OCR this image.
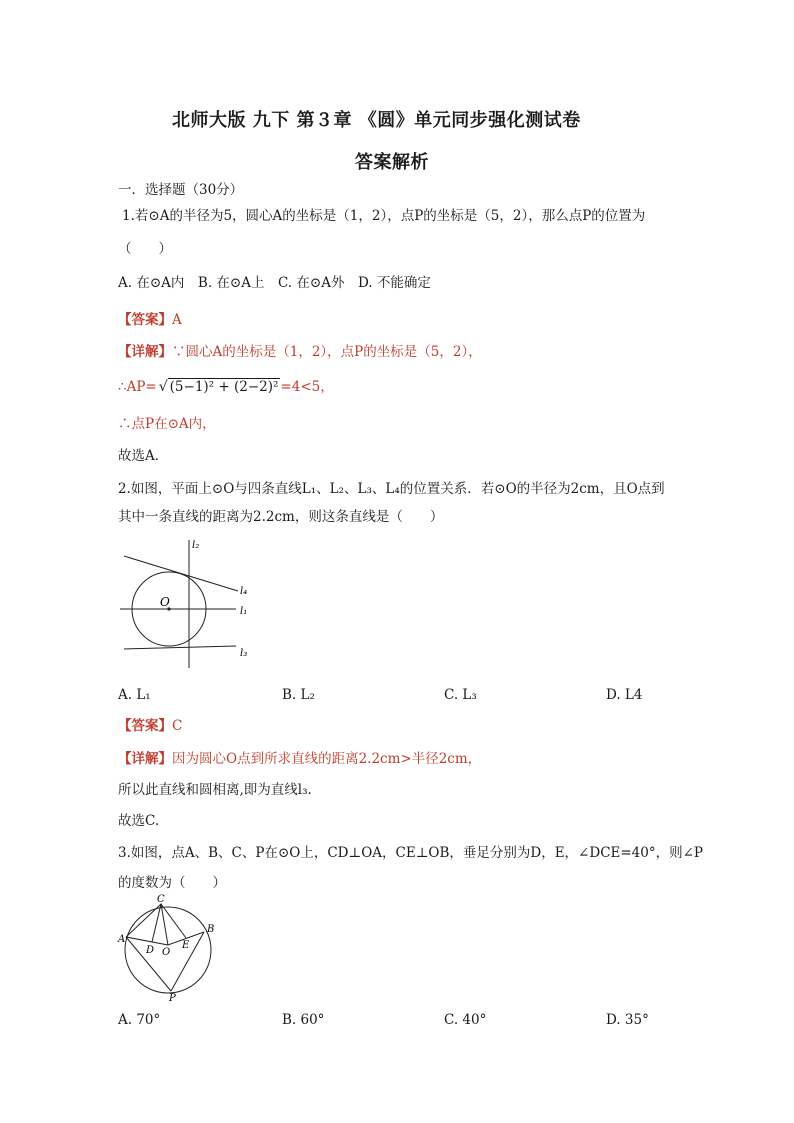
北师大版 九下 第３章 《圆》单元同步强化测试卷
答案解析
一．选择题（30分）
1.若⊙A的半径为5，圆心A的坐标是（1，2），点P的坐标是（5，2），那么点P的位置为
（　　）
A. 在⊙A内　B. 在⊙A上　C. 在⊙A外　D. 不能确定
【答案】A
【详解】∵圆心A的坐标是（1，2），点P的坐标是（5，2），
∴AP= √ (5−1)² + (2−2)² =4<5，
∴点P在⊙A内，
故选A．
2.如图，平面上⊙O与四条直线L₁、L₂、L₃、L₄的位置关系．若⊙O的半径为2cm，且O点到
其中一条直线的距离为2.2cm，则这条直线是（　　）
l₂
l₄
l₁
l₃
O
A. L₁	B. L₂	C. L₃	D. L4
【答案】C
【详解】因为圆心O点到所求直线的距离2.2cm>半径2cm，
所以此直线和圆相离,即为直线l₃.
故选C.
3.如图，点A、B、C、P在⊙O上，CD⊥OA，CE⊥OB，垂足分别为D，E，∠DCE=40°，则∠P
的度数为（　　）
C
A
B
D O
E
P
A. 70°	B. 60°	C. 40°	D. 35°
